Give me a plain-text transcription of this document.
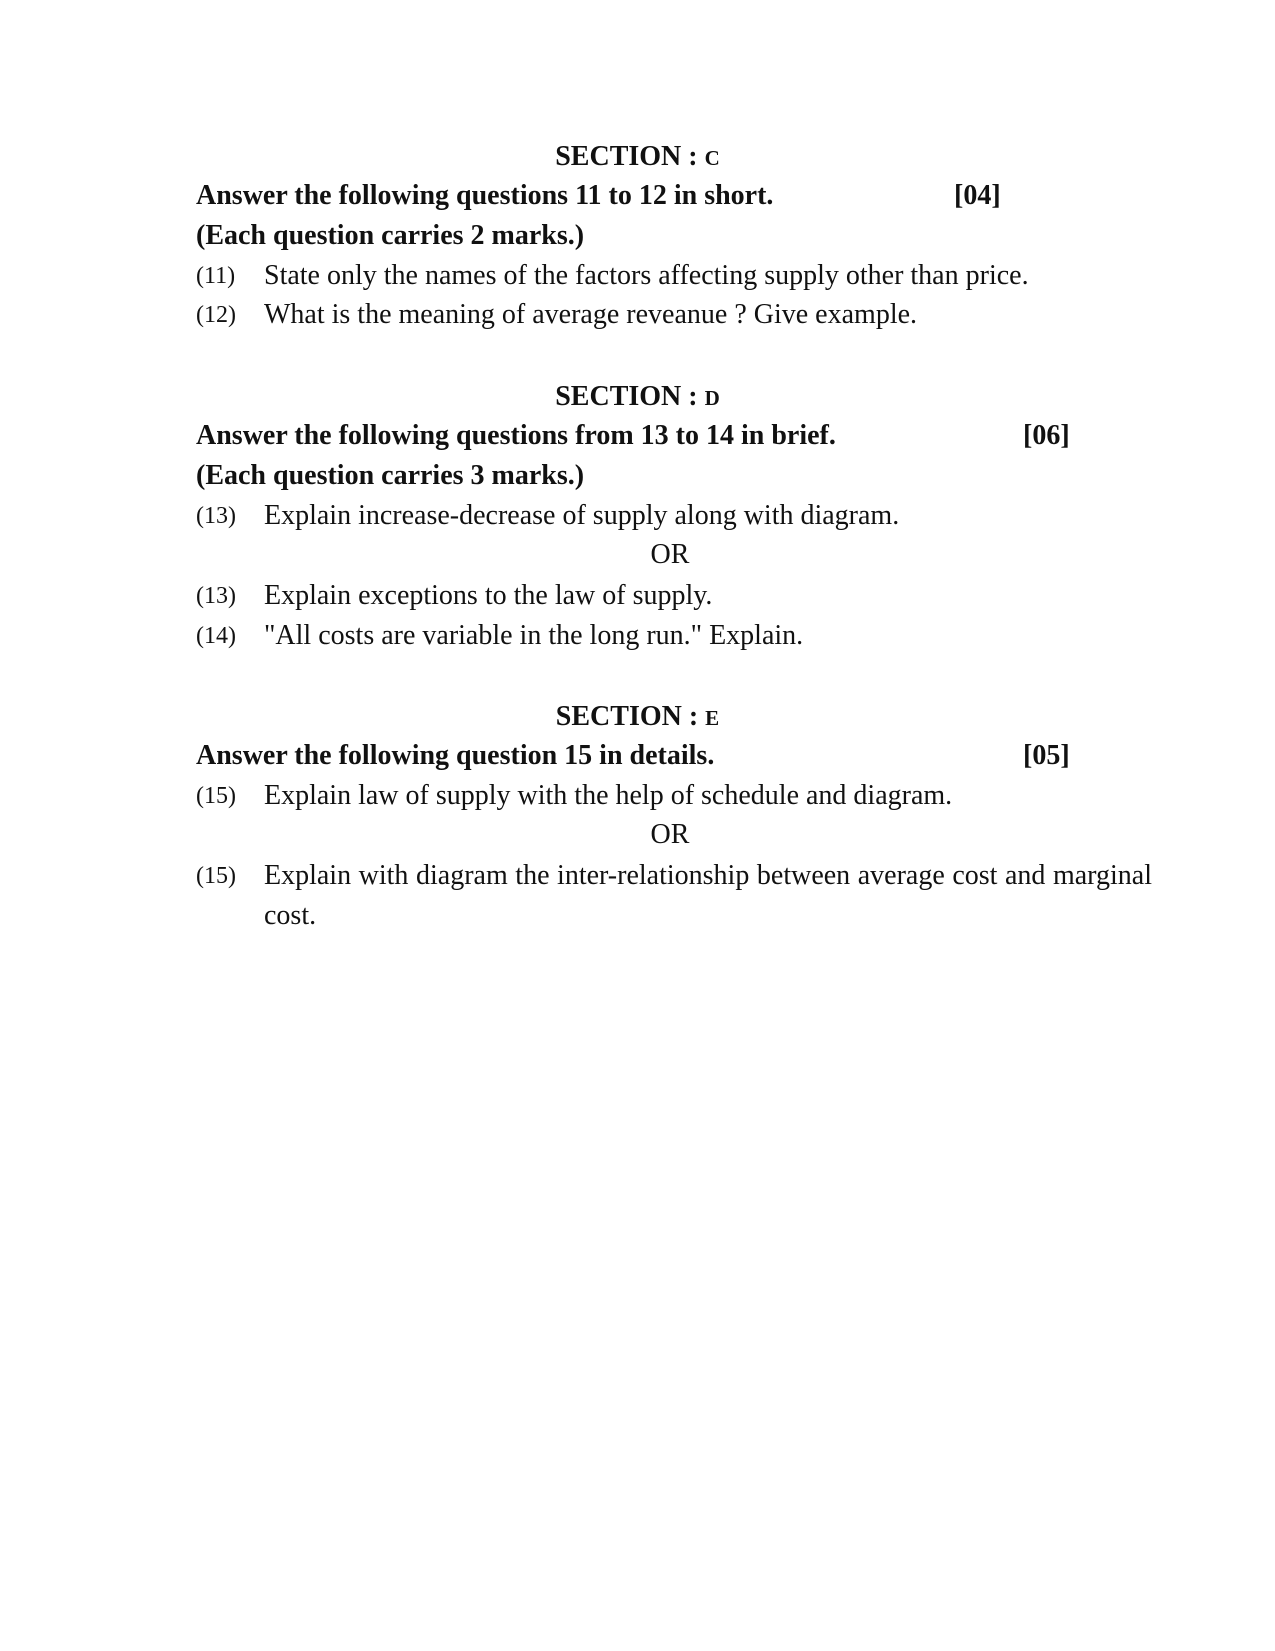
SECTION : C
Answer the following questions 11 to 12 in short.	[04]
(Each question carries 2 marks.)
(11) State only the names of the factors affecting supply other than price.
(12) What is the meaning of average reveanue ? Give example.
SECTION : D
Answer the following questions from 13 to 14 in brief.	[06]
(Each question carries 3 marks.)
(13) Explain increase-decrease of supply along with diagram.
OR
(13) Explain exceptions to the law of supply.
(14) "All costs are variable in the long run." Explain.
SECTION : E
Answer the following question 15 in details.	[05]
(15) Explain law of supply with the help of schedule and diagram.
OR
(15) Explain with diagram the inter-relationship between average cost and marginal cost.
